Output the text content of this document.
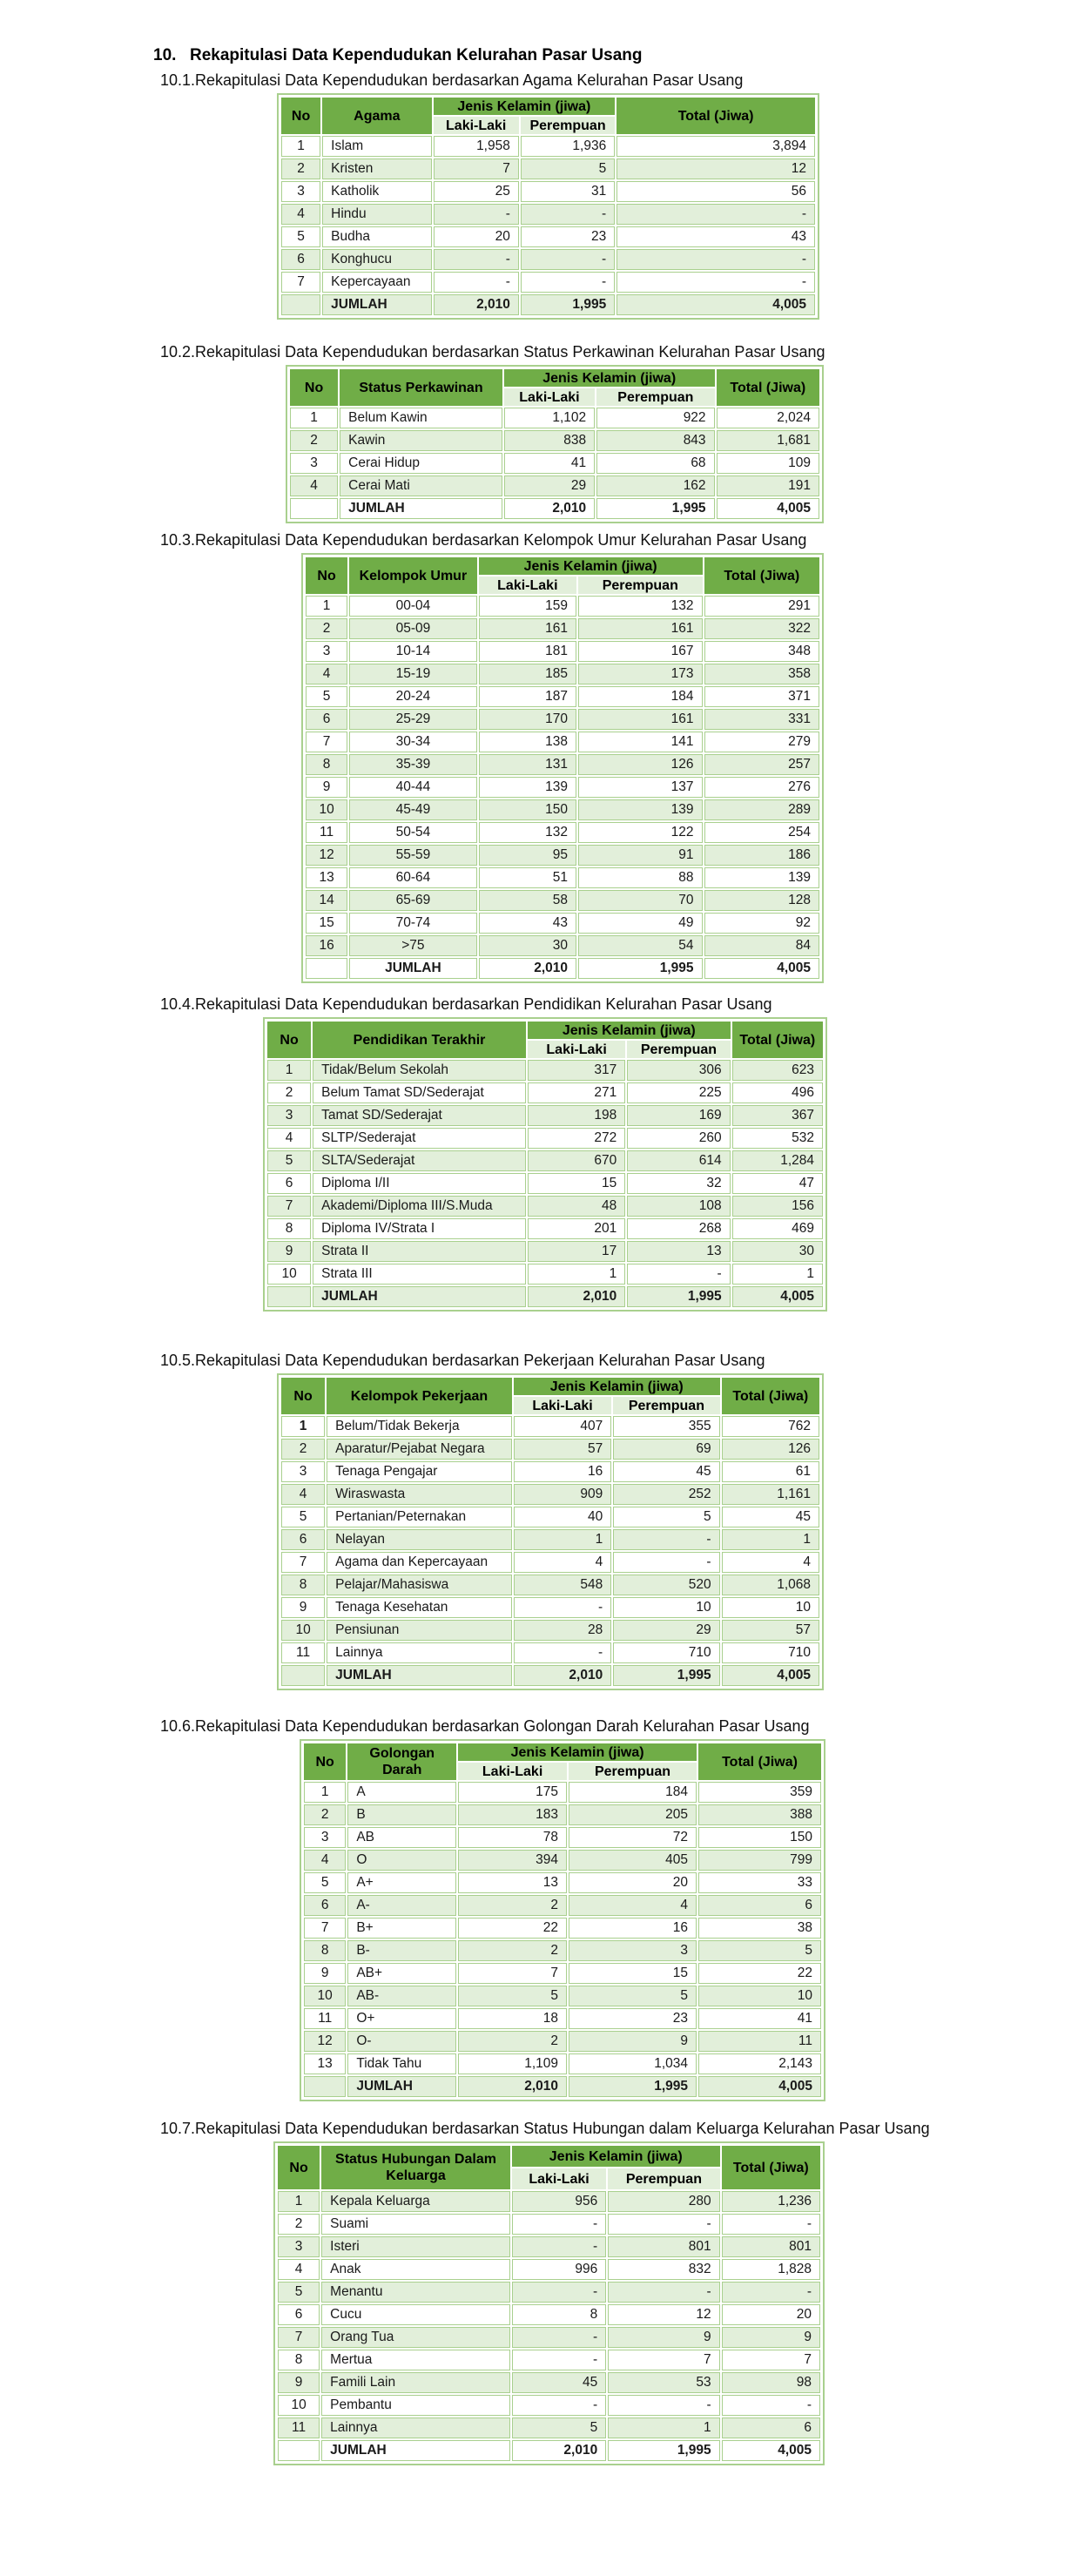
10. Rekapitulasi Data Kependudukan Kelurahan Pasar Usang
10.1.Rekapitulasi Data Kependudukan berdasarkan Agama Kelurahan Pasar Usang
No	Agama	Jenis Kelamin (jiwa)		Total (Jiwa)
		Laki-Laki	Perempuan	
1	Islam	1,958	1,936	3,894
2	Kristen	7	5	12
3	Katholik	25	31	56
4	Hindu	-	-	-
5	Budha	20	23	43
6	Konghucu	-	-	-
7	Kepercayaan	-	-	-
	JUMLAH	2,010	1,995	4,005
10.2.Rekapitulasi Data Kependudukan berdasarkan Status Perkawinan Kelurahan Pasar Usang
No	Status Perkawinan	Jenis Kelamin (jiwa)		Total (Jiwa)
		Laki-Laki	Perempuan	
1	Belum Kawin	1,102	922	2,024
2	Kawin	838	843	1,681
3	Cerai Hidup	41	68	109
4	Cerai Mati	29	162	191
	JUMLAH	2,010	1,995	4,005
10.3.Rekapitulasi Data Kependudukan berdasarkan Kelompok Umur Kelurahan Pasar Usang
No	Kelompok Umur	Jenis Kelamin (jiwa)		Total (Jiwa)
		Laki-Laki	Perempuan	
1	00-04	159	132	291
2	05-09	161	161	322
3	10-14	181	167	348
4	15-19	185	173	358
5	20-24	187	184	371
6	25-29	170	161	331
7	30-34	138	141	279
8	35-39	131	126	257
9	40-44	139	137	276
10	45-49	150	139	289
11	50-54	132	122	254
12	55-59	95	91	186
13	60-64	51	88	139
14	65-69	58	70	128
15	70-74	43	49	92
16	>75	30	54	84
	JUMLAH	2,010	1,995	4,005
10.4.Rekapitulasi Data Kependudukan berdasarkan Pendidikan Kelurahan Pasar Usang
No	Pendidikan Terakhir	Jenis Kelamin (jiwa)		Total (Jiwa)
		Laki-Laki	Perempuan	
1	Tidak/Belum Sekolah	317	306	623
2	Belum Tamat SD/Sederajat	271	225	496
3	Tamat SD/Sederajat	198	169	367
4	SLTP/Sederajat	272	260	532
5	SLTA/Sederajat	670	614	1,284
6	Diploma I/II	15	32	47
7	Akademi/Diploma III/S.Muda	48	108	156
8	Diploma IV/Strata I	201	268	469
9	Strata II	17	13	30
10	Strata III	1	-	1
	JUMLAH	2,010	1,995	4,005
10.5.Rekapitulasi Data Kependudukan berdasarkan Pekerjaan Kelurahan Pasar Usang
No	Kelompok Pekerjaan	Jenis Kelamin (jiwa)		Total (Jiwa)
		Laki-Laki	Perempuan	
1	Belum/Tidak Bekerja	407	355	762
2	Aparatur/Pejabat Negara	57	69	126
3	Tenaga Pengajar	16	45	61
4	Wiraswasta	909	252	1,161
5	Pertanian/Peternakan	40	5	45
6	Nelayan	1	-	1
7	Agama dan Kepercayaan	4	-	4
8	Pelajar/Mahasiswa	548	520	1,068
9	Tenaga Kesehatan	-	10	10
10	Pensiunan	28	29	57
11	Lainnya	-	710	710
	JUMLAH	2,010	1,995	4,005
10.6.Rekapitulasi Data Kependudukan berdasarkan Golongan Darah Kelurahan Pasar Usang
No	Golongan Darah	Jenis Kelamin (jiwa)		Total (Jiwa)
		Laki-Laki	Perempuan	
1	A	175	184	359
2	B	183	205	388
3	AB	78	72	150
4	O	394	405	799
5	A+	13	20	33
6	A-	2	4	6
7	B+	22	16	38
8	B-	2	3	5
9	AB+	7	15	22
10	AB-	5	5	10
11	O+	18	23	41
12	O-	2	9	11
13	Tidak Tahu	1,109	1,034	2,143
	JUMLAH	2,010	1,995	4,005
10.7.Rekapitulasi Data Kependudukan berdasarkan Status Hubungan dalam Keluarga Kelurahan Pasar Usang
No	Status Hubungan Dalam Keluarga	Jenis Kelamin (jiwa)		Total (Jiwa)
		Laki-Laki	Perempuan	
1	Kepala Keluarga	956	280	1,236
2	Suami	-	-	-
3	Isteri	-	801	801
4	Anak	996	832	1,828
5	Menantu	-	-	-
6	Cucu	8	12	20
7	Orang Tua	-	9	9
8	Mertua	-	7	7
9	Famili Lain	45	53	98
10	Pembantu	-	-	-
11	Lainnya	5	1	6
	JUMLAH	2,010	1,995	4,005
